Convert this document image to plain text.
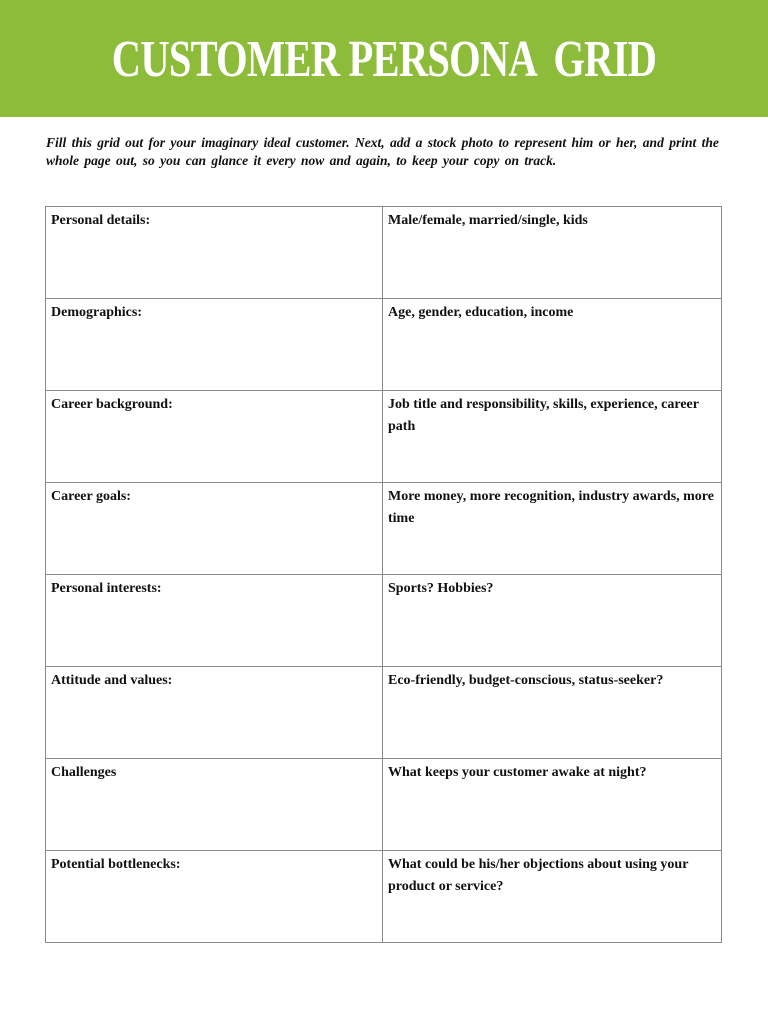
CUSTOMER PERSONA  GRID
Fill this grid out for your imaginary ideal customer. Next, add a stock photo to represent him or her, and print the whole page out, so you can glance it every now and again, to keep your copy on track.
Personal details:	Male/female, married/single, kids
Demographics:	Age, gender, education, income
Career background:	Job title and responsibility, skills, experience, career path
Career goals:	More money, more recognition, industry awards, more time
Personal interests:	Sports? Hobbies?
Attitude and values:	Eco-friendly, budget-conscious, status-seeker?
Challenges	What keeps your customer awake at night?
Potential bottlenecks:	What could be his/her objections about using your product or service?
